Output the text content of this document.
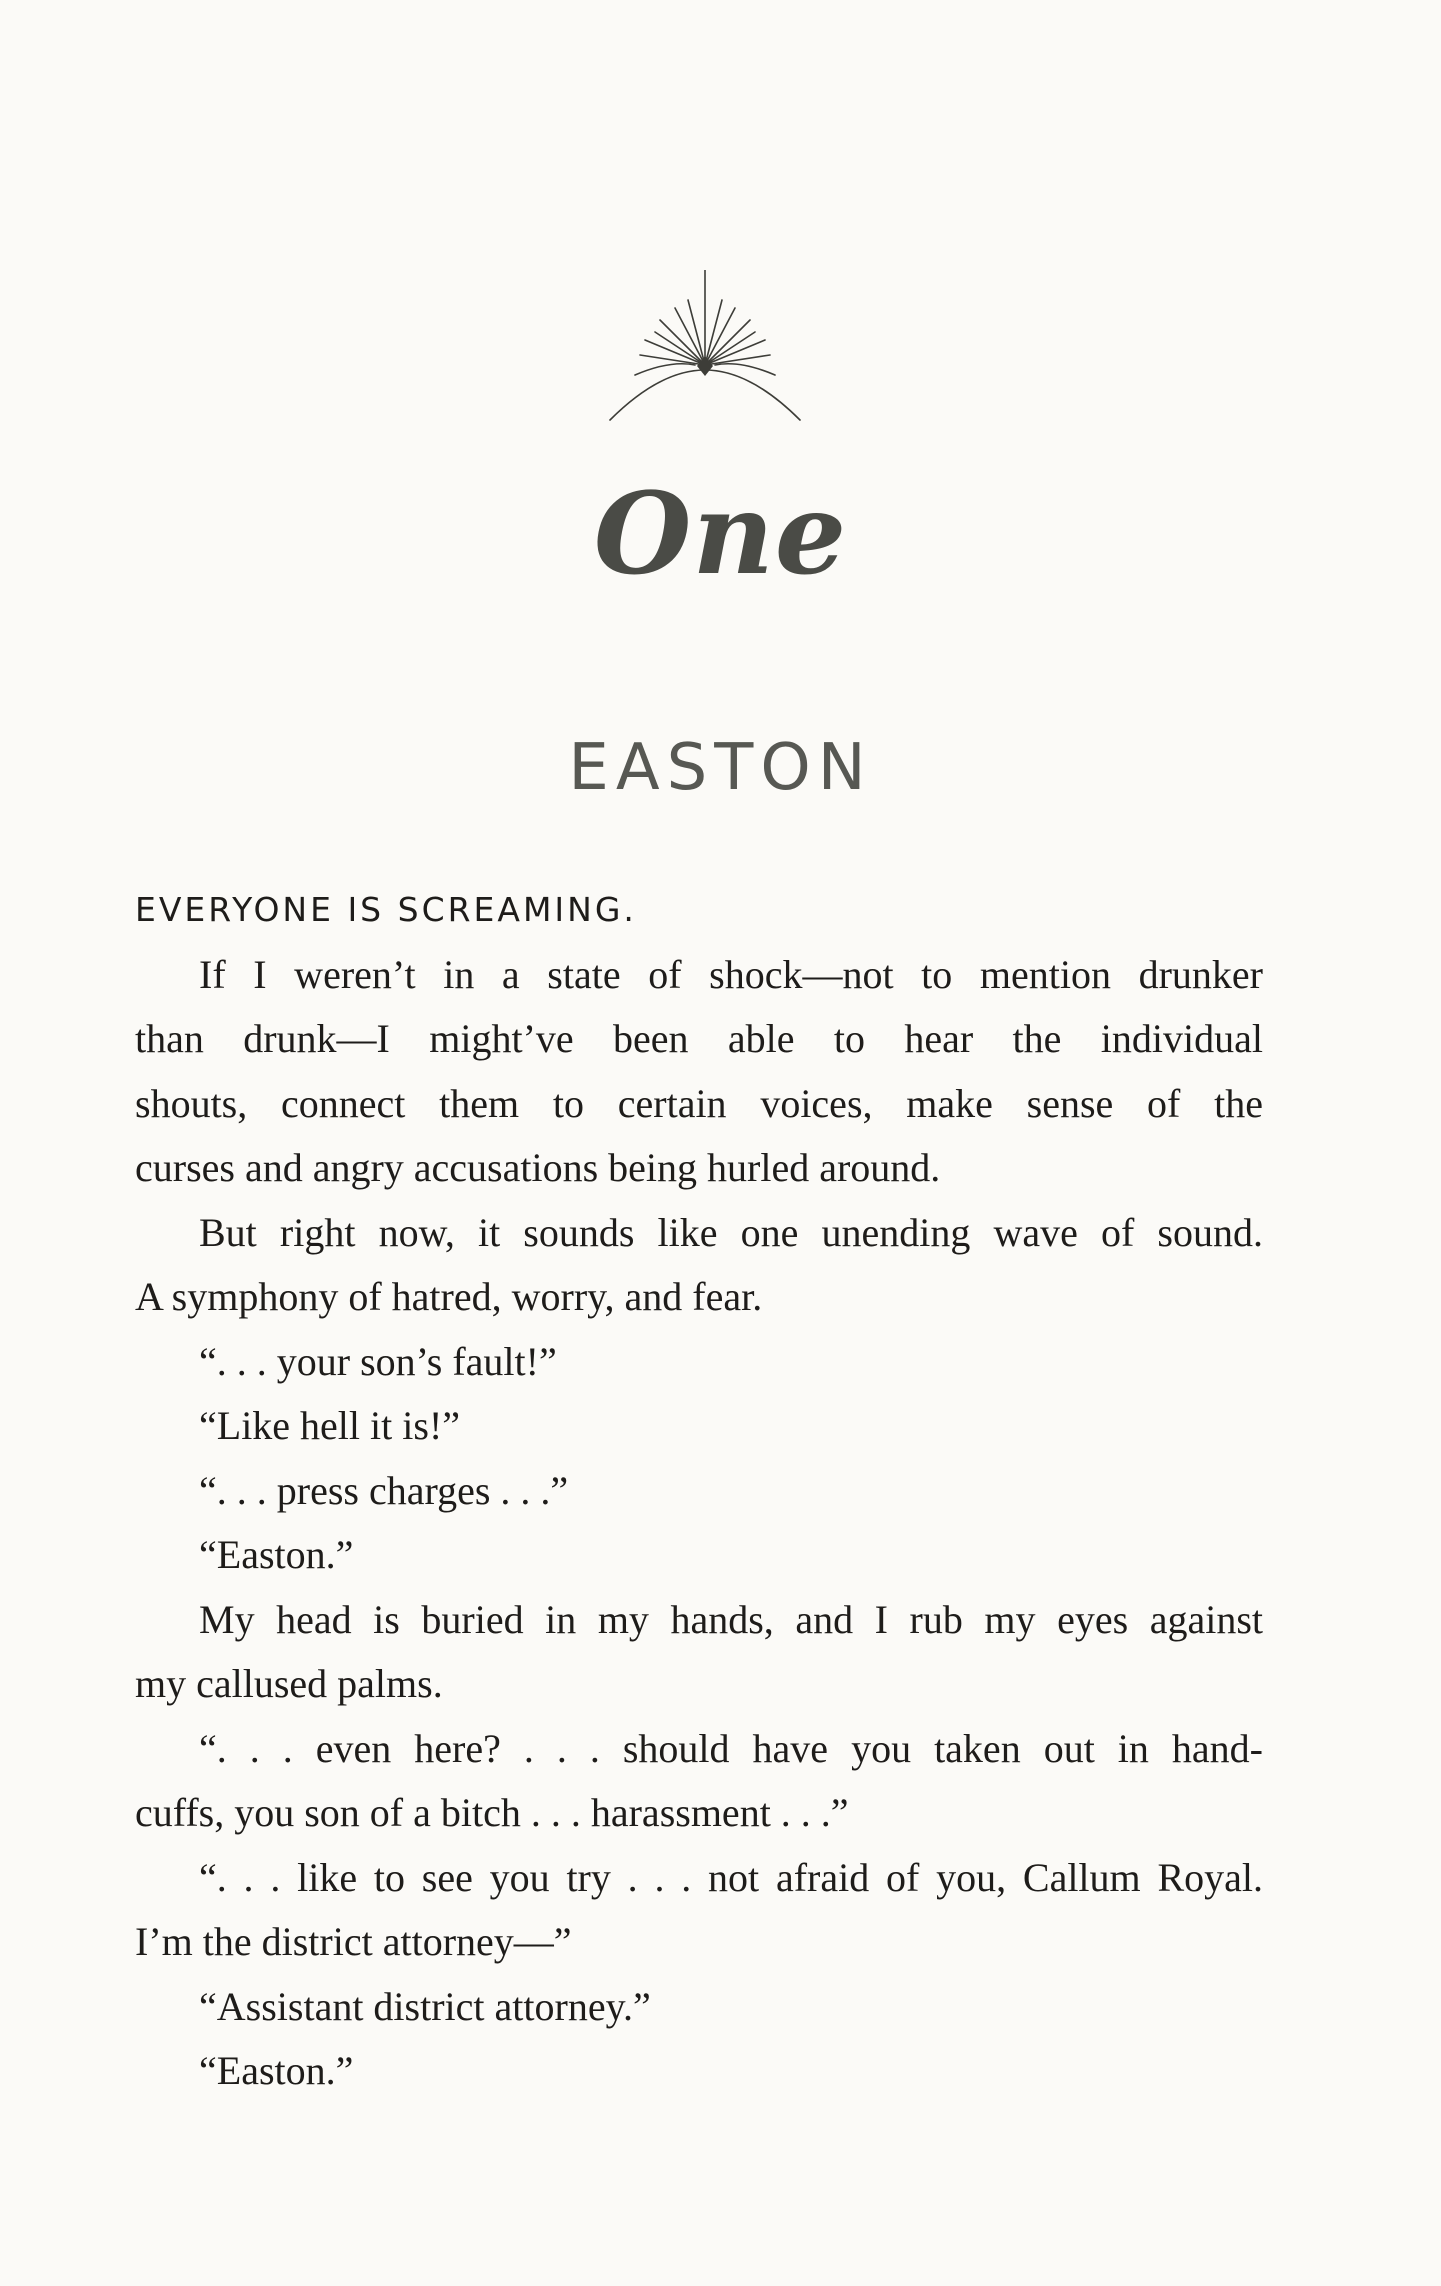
One
EASTON
EVERYONE IS SCREAMING.
If I weren’t in a state of shock—not to mention drunker
than drunk—I might’ve been able to hear the individual
shouts, connect them to certain voices, make sense of the
curses and angry accusations being hurled around.
But right now, it sounds like one unending wave of sound.
A symphony of hatred, worry, and fear.
“. . . your son’s fault!”
“Like hell it is!”
“. . . press charges . . .”
“Easton.”
My head is buried in my hands, and I rub my eyes against
my callused palms.
“. . . even here? . . . should have you taken out in hand-
cuffs, you son of a bitch . . . harassment . . .”
“. . . like to see you try . . . not afraid of you, Callum Royal.
I’m the district attorney—”
“Assistant district attorney.”
“Easton.”
